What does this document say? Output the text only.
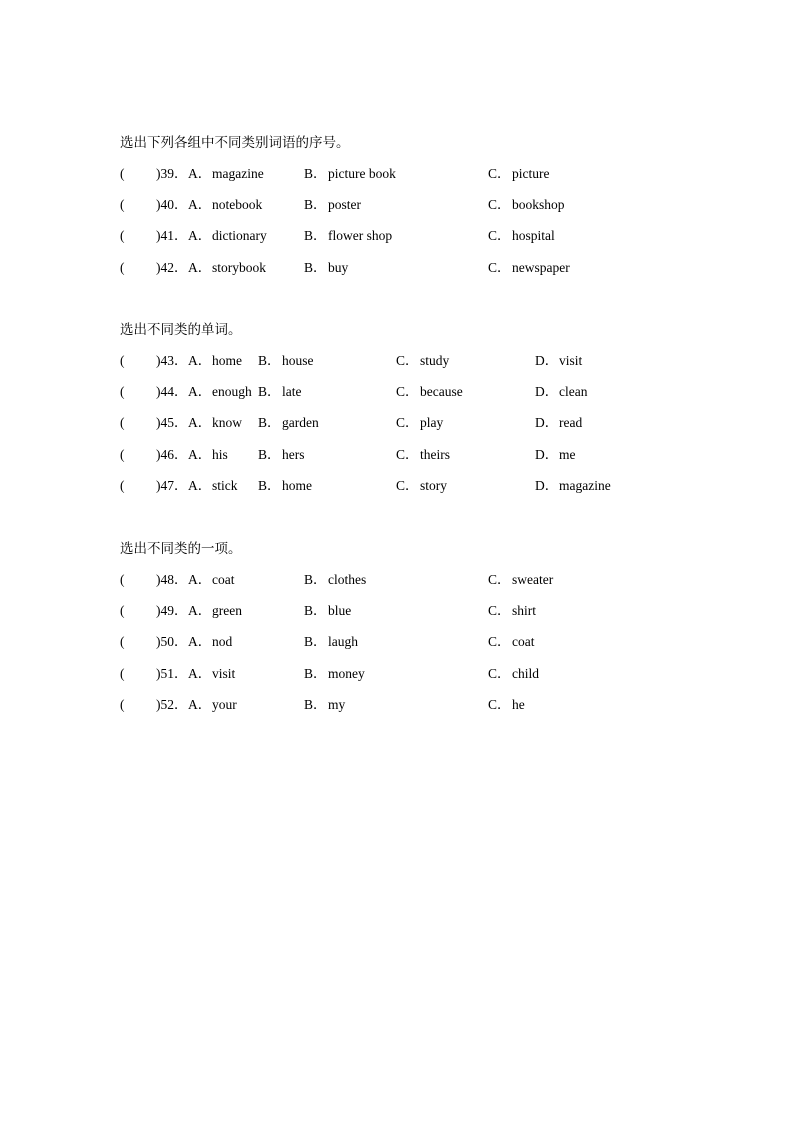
选出下列各组中不同类别词语的序号。
( )39． A．magazine	B．picture book	C．picture
( )40． A．notebook	B．poster	C．bookshop
( )41． A．dictionary	B．flower shop	C．hospital
( )42． A．storybook	B．buy	C．newspaper
选出不同类的单词。
( )43． A．home B．house	C．study	D．visit
( )44． A．enough B．late	C．because	D．clean
( )45． A．know B．garden	C．play	D．read
( )46． A．his B．hers	C．theirs	D．me
( )47． A．stick B．home	C．story	D．magazine
选出不同类的一项。
( )48． A．coat	B．clothes	C．sweater
( )49． A．green	B．blue	C．shirt
( )50． A．nod	B．laugh	C．coat
( )51． A．visit	B．money	C．child
( )52． A．your	B．my	C．he
